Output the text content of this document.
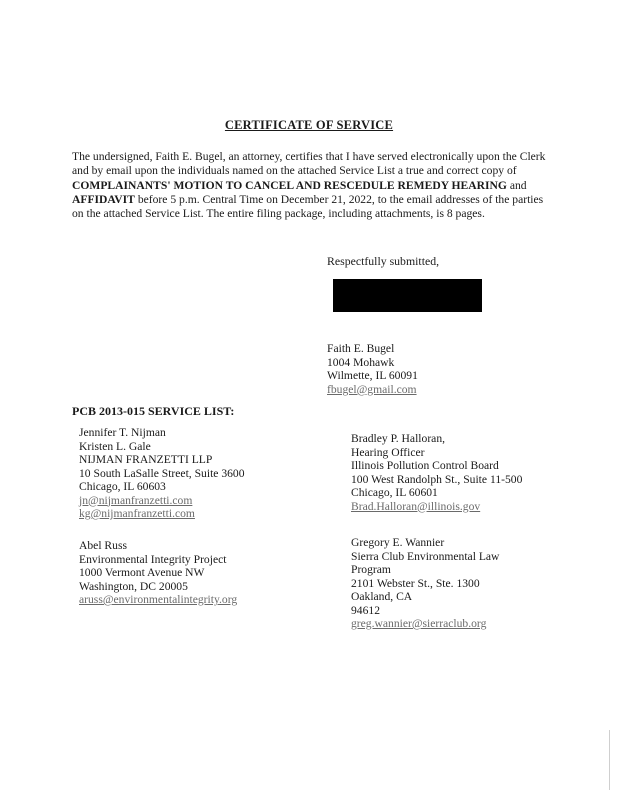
CERTIFICATE OF SERVICE
The undersigned, Faith E. Bugel, an attorney, certifies that I have served electronically upon the Clerk and by email upon the individuals named on the attached Service List a true and correct copy of COMPLAINANTS' MOTION TO CANCEL AND RESCEDULE REMEDY HEARING and AFFIDAVIT before 5 p.m. Central Time on December 21, 2022, to the email addresses of the parties on the attached Service List. The entire filing package, including attachments, is 8 pages.
Respectfully submitted,
Faith E. Bugel
1004 Mohawk
Wilmette, IL 60091
fbugel@gmail.com
PCB 2013-015 SERVICE LIST:
Jennifer T. Nijman
Kristen L. Gale
NIJMAN FRANZETTI LLP
10 South LaSalle Street, Suite 3600
Chicago, IL 60603
jn@nijmanfranzetti.com
kg@nijmanfranzetti.com
Bradley P. Halloran,
Hearing Officer
Illinois Pollution Control Board
100 West Randolph St., Suite 11-500
Chicago, IL 60601
Brad.Halloran@illinois.gov
Abel Russ
Environmental Integrity Project
1000 Vermont Avenue NW
Washington, DC 20005
aruss@environmentalintegrity.org
Gregory E. Wannier
Sierra Club Environmental Law
Program
2101 Webster St., Ste. 1300
Oakland, CA
94612
greg.wannier@sierraclub.org
